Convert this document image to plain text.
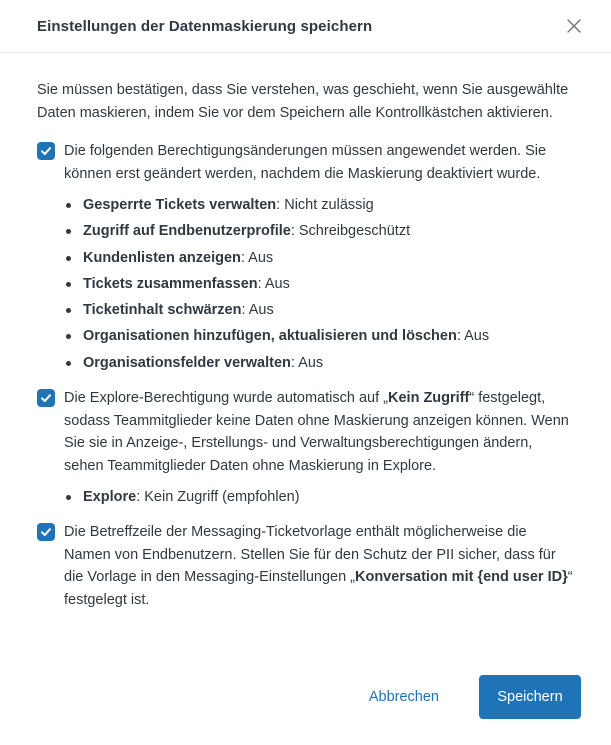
Einstellungen der Datenmaskierung speichern

Sie müssen bestätigen, dass Sie verstehen, was geschieht, wenn Sie ausgewählte Daten maskieren, indem Sie vor dem Speichern alle Kontrollkästchen aktivieren.

Die folgenden Berechtigungsänderungen müssen angewendet werden. Sie können erst geändert werden, nachdem die Maskierung deaktiviert wurde.
Gesperrte Tickets verwalten: Nicht zulässig
Zugriff auf Endbenutzerprofile: Schreibgeschützt
Kundenlisten anzeigen: Aus
Tickets zusammenfassen: Aus
Ticketinhalt schwärzen: Aus
Organisationen hinzufügen, aktualisieren und löschen: Aus
Organisationsfelder verwalten: Aus
Die Explore-Berechtigung wurde automatisch auf „Kein Zugriff“ festgelegt, sodass Teammitglieder keine Daten ohne Maskierung anzeigen können. Wenn Sie sie in Anzeige-, Erstellungs- und Verwaltungsberechtigungen ändern, sehen Teammitglieder Daten ohne Maskierung in Explore.
Explore: Kein Zugriff (empfohlen)
Die Betreffzeile der Messaging-Ticketvorlage enthält möglicherweise die Namen von Endbenutzern. Stellen Sie für den Schutz der PII sicher, dass für die Vorlage in den Messaging-Einstellungen „Konversation mit {end user ID}“ festgelegt ist.
Abbrechen	Speichern
